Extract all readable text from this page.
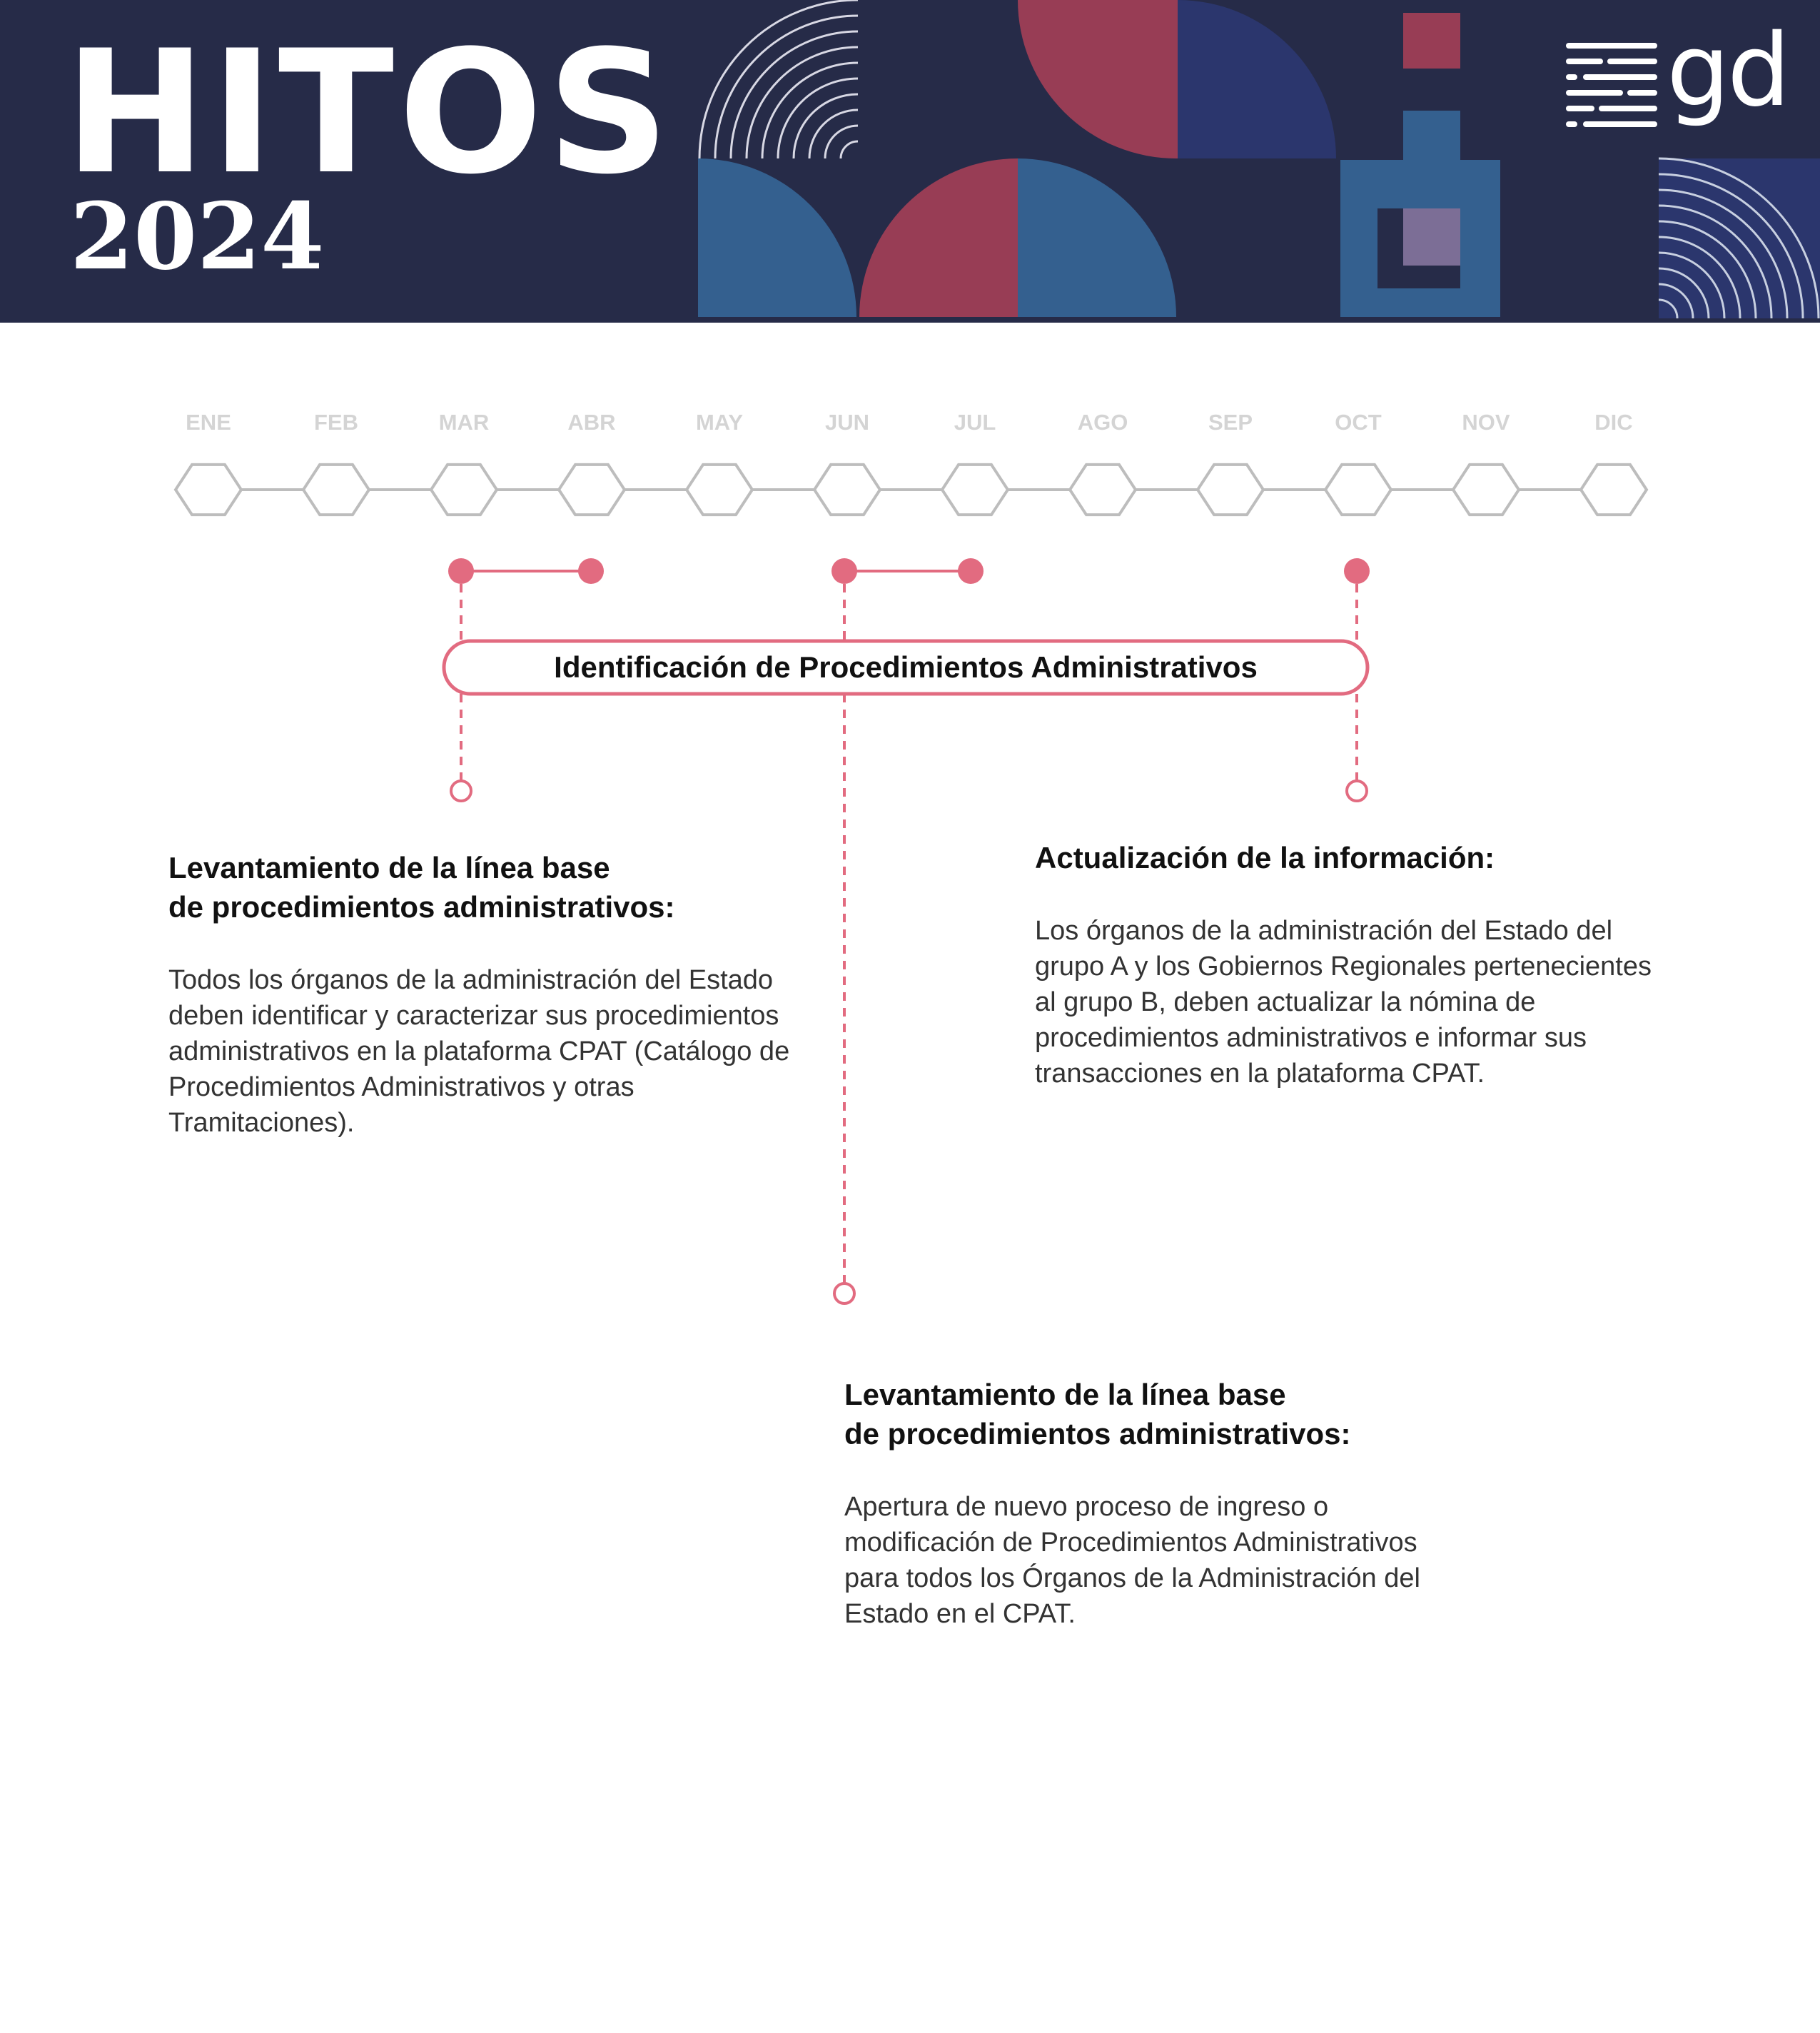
HITOS
2024
gd
ENE	FEB	MAR	ABR	MAY	JUN	JUL	AGO	SEP	OCT	NOV	DIC
Identificación de Procedimientos Administrativos
Levantamiento de la línea base
de procedimientos administrativos:

Todos los órganos de la administración del Estado deben identificar y caracterizar sus procedimientos administrativos en la plataforma CPAT (Catálogo de Procedimientos Administrativos y otras Tramitaciones).

Actualización de la información:

Los órganos de la administración del Estado del grupo A y los Gobiernos Regionales pertenecientes al grupo B, deben actualizar la nómina de procedimientos administrativos e informar sus transacciones en la plataforma CPAT.

Levantamiento de la línea base
de procedimientos administrativos:

Apertura de nuevo proceso de ingreso o modificación de Procedimientos Administrativos para todos los Órganos de la Administración del Estado en el CPAT.
